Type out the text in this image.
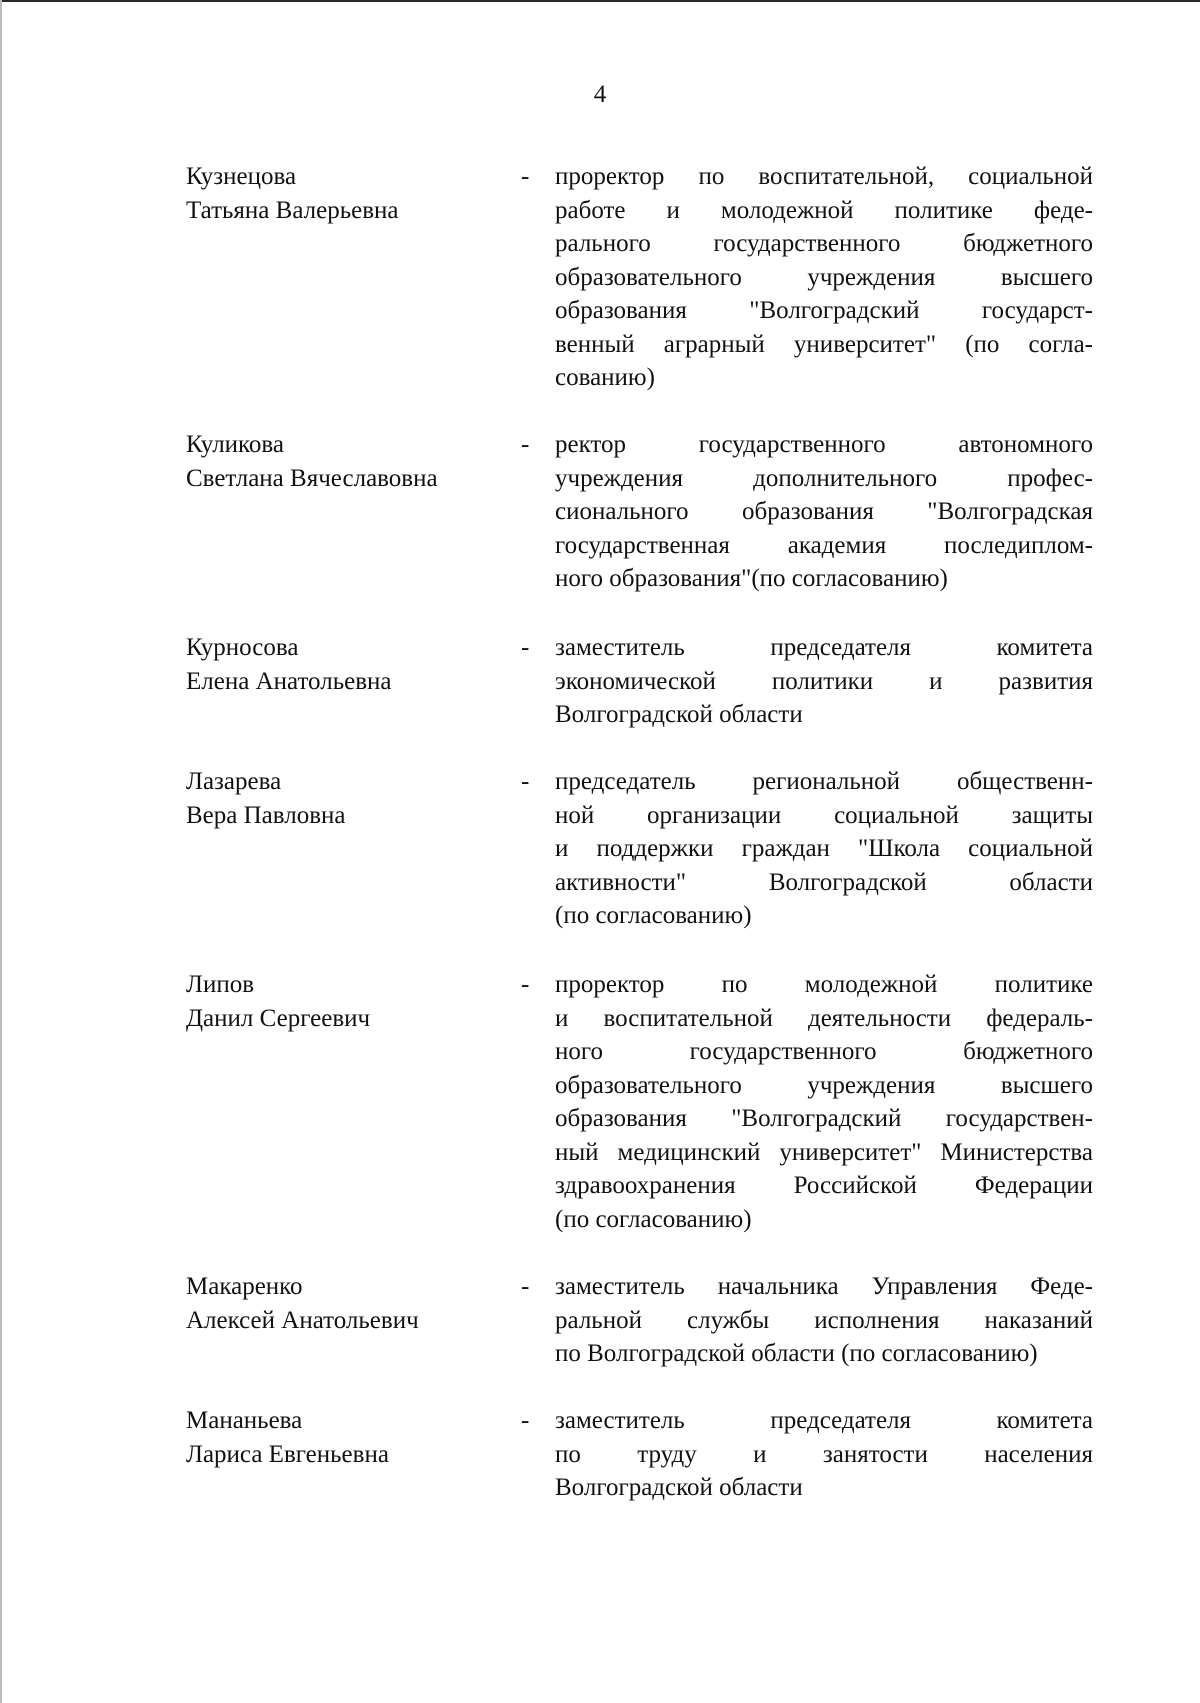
4
Кузнецова
Татьяна Валерьевна
- проректор по воспитательной, социальной
работе и молодежной политике феде-
рального государственного бюджетного
образовательного учреждения высшего
образования "Волгоградский государст-
венный аграрный университет" (по согла-
сованию)
Куликова
Светлана Вячеславовна
- ректор государственного автономного
учреждения дополнительного профес-
сионального образования "Волгоградская
государственная академия последиплом-
ного образования"(по согласованию)
Курносова
Елена Анатольевна
- заместитель председателя комитета
экономической политики и развития
Волгоградской области
Лазарева
Вера Павловна
- председатель региональной общественн-
ной организации социальной защиты
и поддержки граждан "Школа социальной
активности" Волгоградской области
(по согласованию)
Липов
Данил Сергеевич
- проректор по молодежной политике
и воспитательной деятельности федераль-
ного государственного бюджетного
образовательного учреждения высшего
образования "Волгоградский государствен-
ный медицинский университет" Министерства
здравоохранения Российской Федерации
(по согласованию)
Макаренко
Алексей Анатольевич
- заместитель начальника Управления Феде-
ральной службы исполнения наказаний
по Волгоградской области (по согласованию)
Мананьева
Лариса Евгеньевна
- заместитель председателя комитета
по труду и занятости населения
Волгоградской области
